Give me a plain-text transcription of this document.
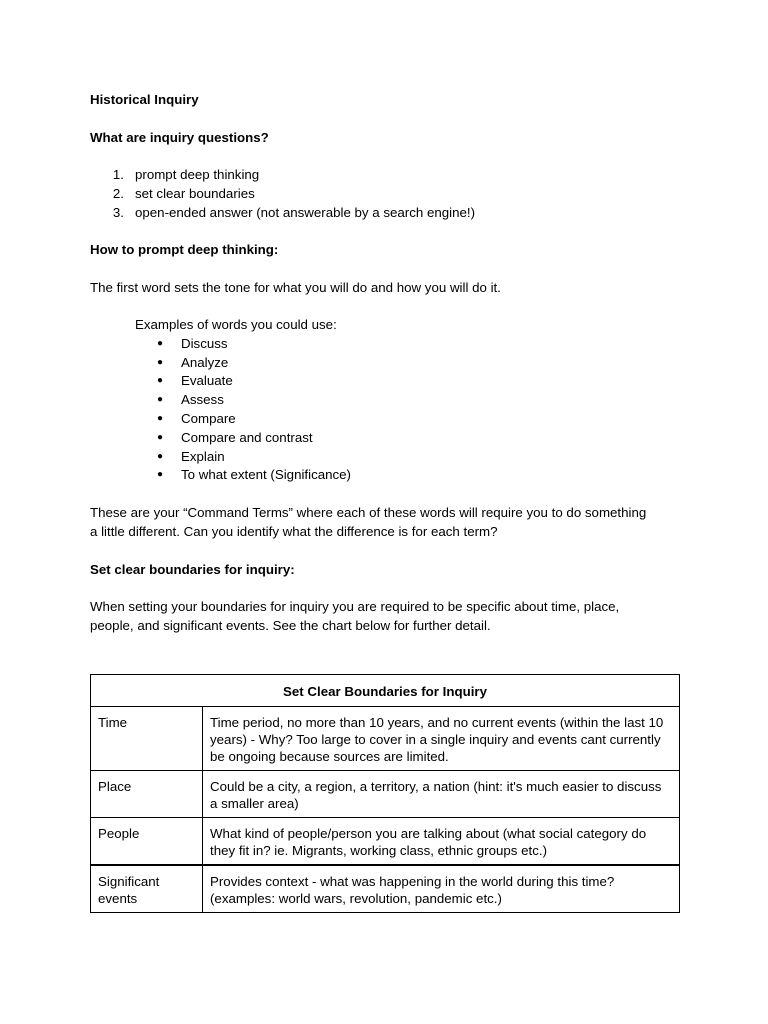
Historical Inquiry
What are inquiry questions?
1. prompt deep thinking
2. set clear boundaries
3. open-ended answer (not answerable by a search engine!)
How to prompt deep thinking:
The first word sets the tone for what you will do and how you will do it.
Examples of words you could use:
● Discuss
● Analyze
● Evaluate
● Assess
● Compare
● Compare and contrast
● Explain
● To what extent (Significance)
These are your “Command Terms” where each of these words will require you to do something
a little different. Can you identify what the difference is for each term?
Set clear boundaries for inquiry:
When setting your boundaries for inquiry you are required to be specific about time, place,
people, and significant events. See the chart below for further detail.
Set Clear Boundaries for Inquiry	
Time	Time period, no more than 10 years, and no current events (within the last 10 years) - Why? Too large to cover in a single inquiry and events cant currently be ongoing because sources are limited.
Place	Could be a city, a region, a territory, a nation (hint: it's much easier to discuss a smaller area)
People	What kind of people/person you are talking about (what social category do they fit in? ie. Migrants, working class, ethnic groups etc.)
Significant events	Provides context - what was happening in the world during this time? (examples: world wars, revolution, pandemic etc.)
